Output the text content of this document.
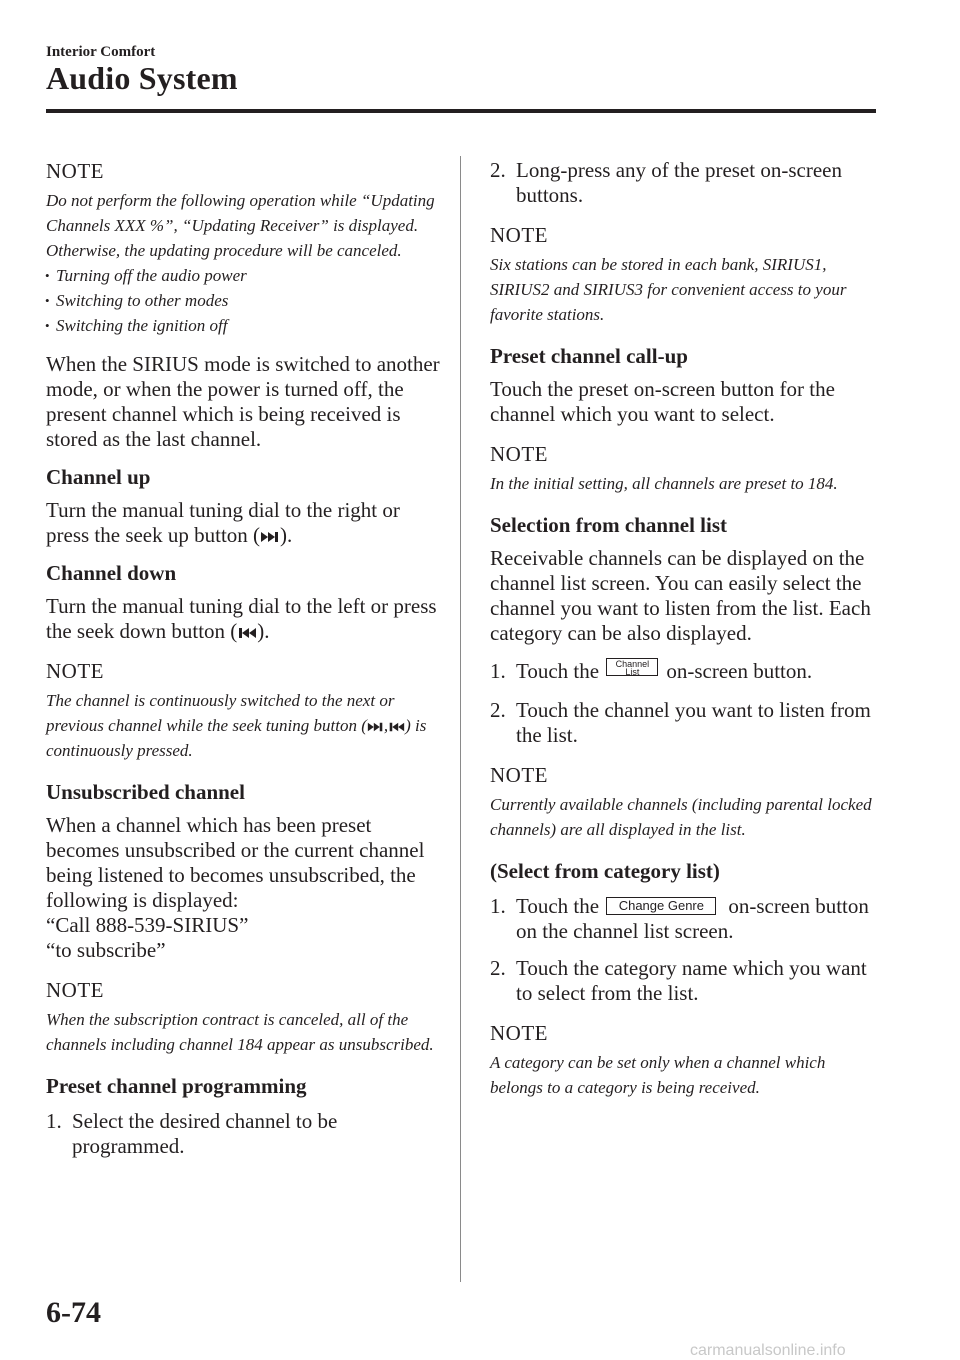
Interior Comfort
Audio System
NOTE

Do not perform the following operation while “Updating Channels XXX %”, “Updating Receiver” is displayed. Otherwise, the updating procedure will be canceled.

• Turning off the audio power
• Switching to other modes
• Switching the ignition off

When the SIRIUS mode is switched to another mode, or when the power is turned off, the present channel which is being received is stored as the last channel.

Channel up

Turn the manual tuning dial to the right or press the seek up button ( ).

Channel down

Turn the manual tuning dial to the left or press the seek down button ( ).

NOTE

The channel is continuously switched to the next or previous channel while the seek tuning button ( , ) is continuously pressed.

Unsubscribed channel

When a channel which has been preset becomes unsubscribed or the current channel being listened to becomes unsubscribed, the following is displayed:

“Call 888-539-SIRIUS”

“to subscribe”

NOTE

When the subscription contract is canceled, all of the channels including channel 184 appear as unsubscribed.

Preset channel programming

1. Select the desired channel to be programmed.

2. Long-press any of the preset on-screen buttons.

NOTE

Six stations can be stored in each bank, SIRIUS1, SIRIUS2 and SIRIUS3 for convenient access to your favorite stations.

Preset channel call-up

Touch the preset on-screen button for the channel which you want to select.

NOTE

In the initial setting, all channels are preset to 184.

Selection from channel list

Receivable channels can be displayed on the channel list screen. You can easily select the channel you want to listen from the list. Each category can be also displayed.

1. Touch the Channel
List on-screen button.

2. Touch the channel you want to listen from the list.

NOTE

Currently available channels (including parental locked channels) are all displayed in the list.

(Select from category list)

1. Touch the Change Genre on-screen button on the channel list screen.

2. Touch the category name which you want to select from the list.

NOTE

A category can be set only when a channel which belongs to a category is being received.

6-74
carmanualsonline.info
